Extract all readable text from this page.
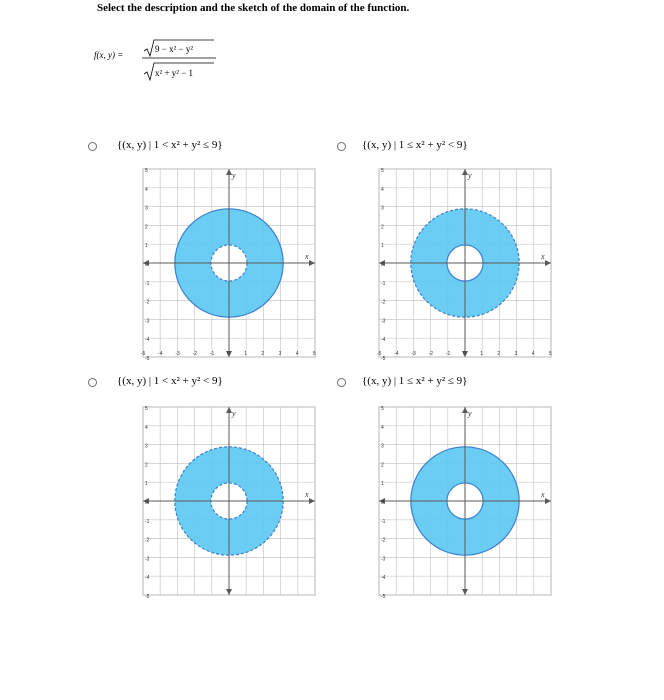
Select the description and the sketch of the domain of the function.
f(x, y) =
9 − x² − y²
x² + y² − 1
{(x, y) | 1 < x² + y² ≤ 9}
x
y
5
4
3
2
1
0
-1
-2
-3
-4
-5
-5	-4	-3	-2	-1	0	1	2	3	4	5
{(x, y) | 1 ≤ x² + y² < 9}
x
y
5
4
3
2
1
0
-1
-2
-3
-4
-5
-5	-4	-3	-2	-1	0	1	2	3	4	5
{(x, y) | 1 < x² + y² < 9}
x
y
5
4
3
2
1
0
-1
-2
-3
-4
-5
{(x, y) | 1 ≤ x² + y² ≤ 9}
x
y
5
4
3
2
1
0
-1
-2
-3
-4
-5
